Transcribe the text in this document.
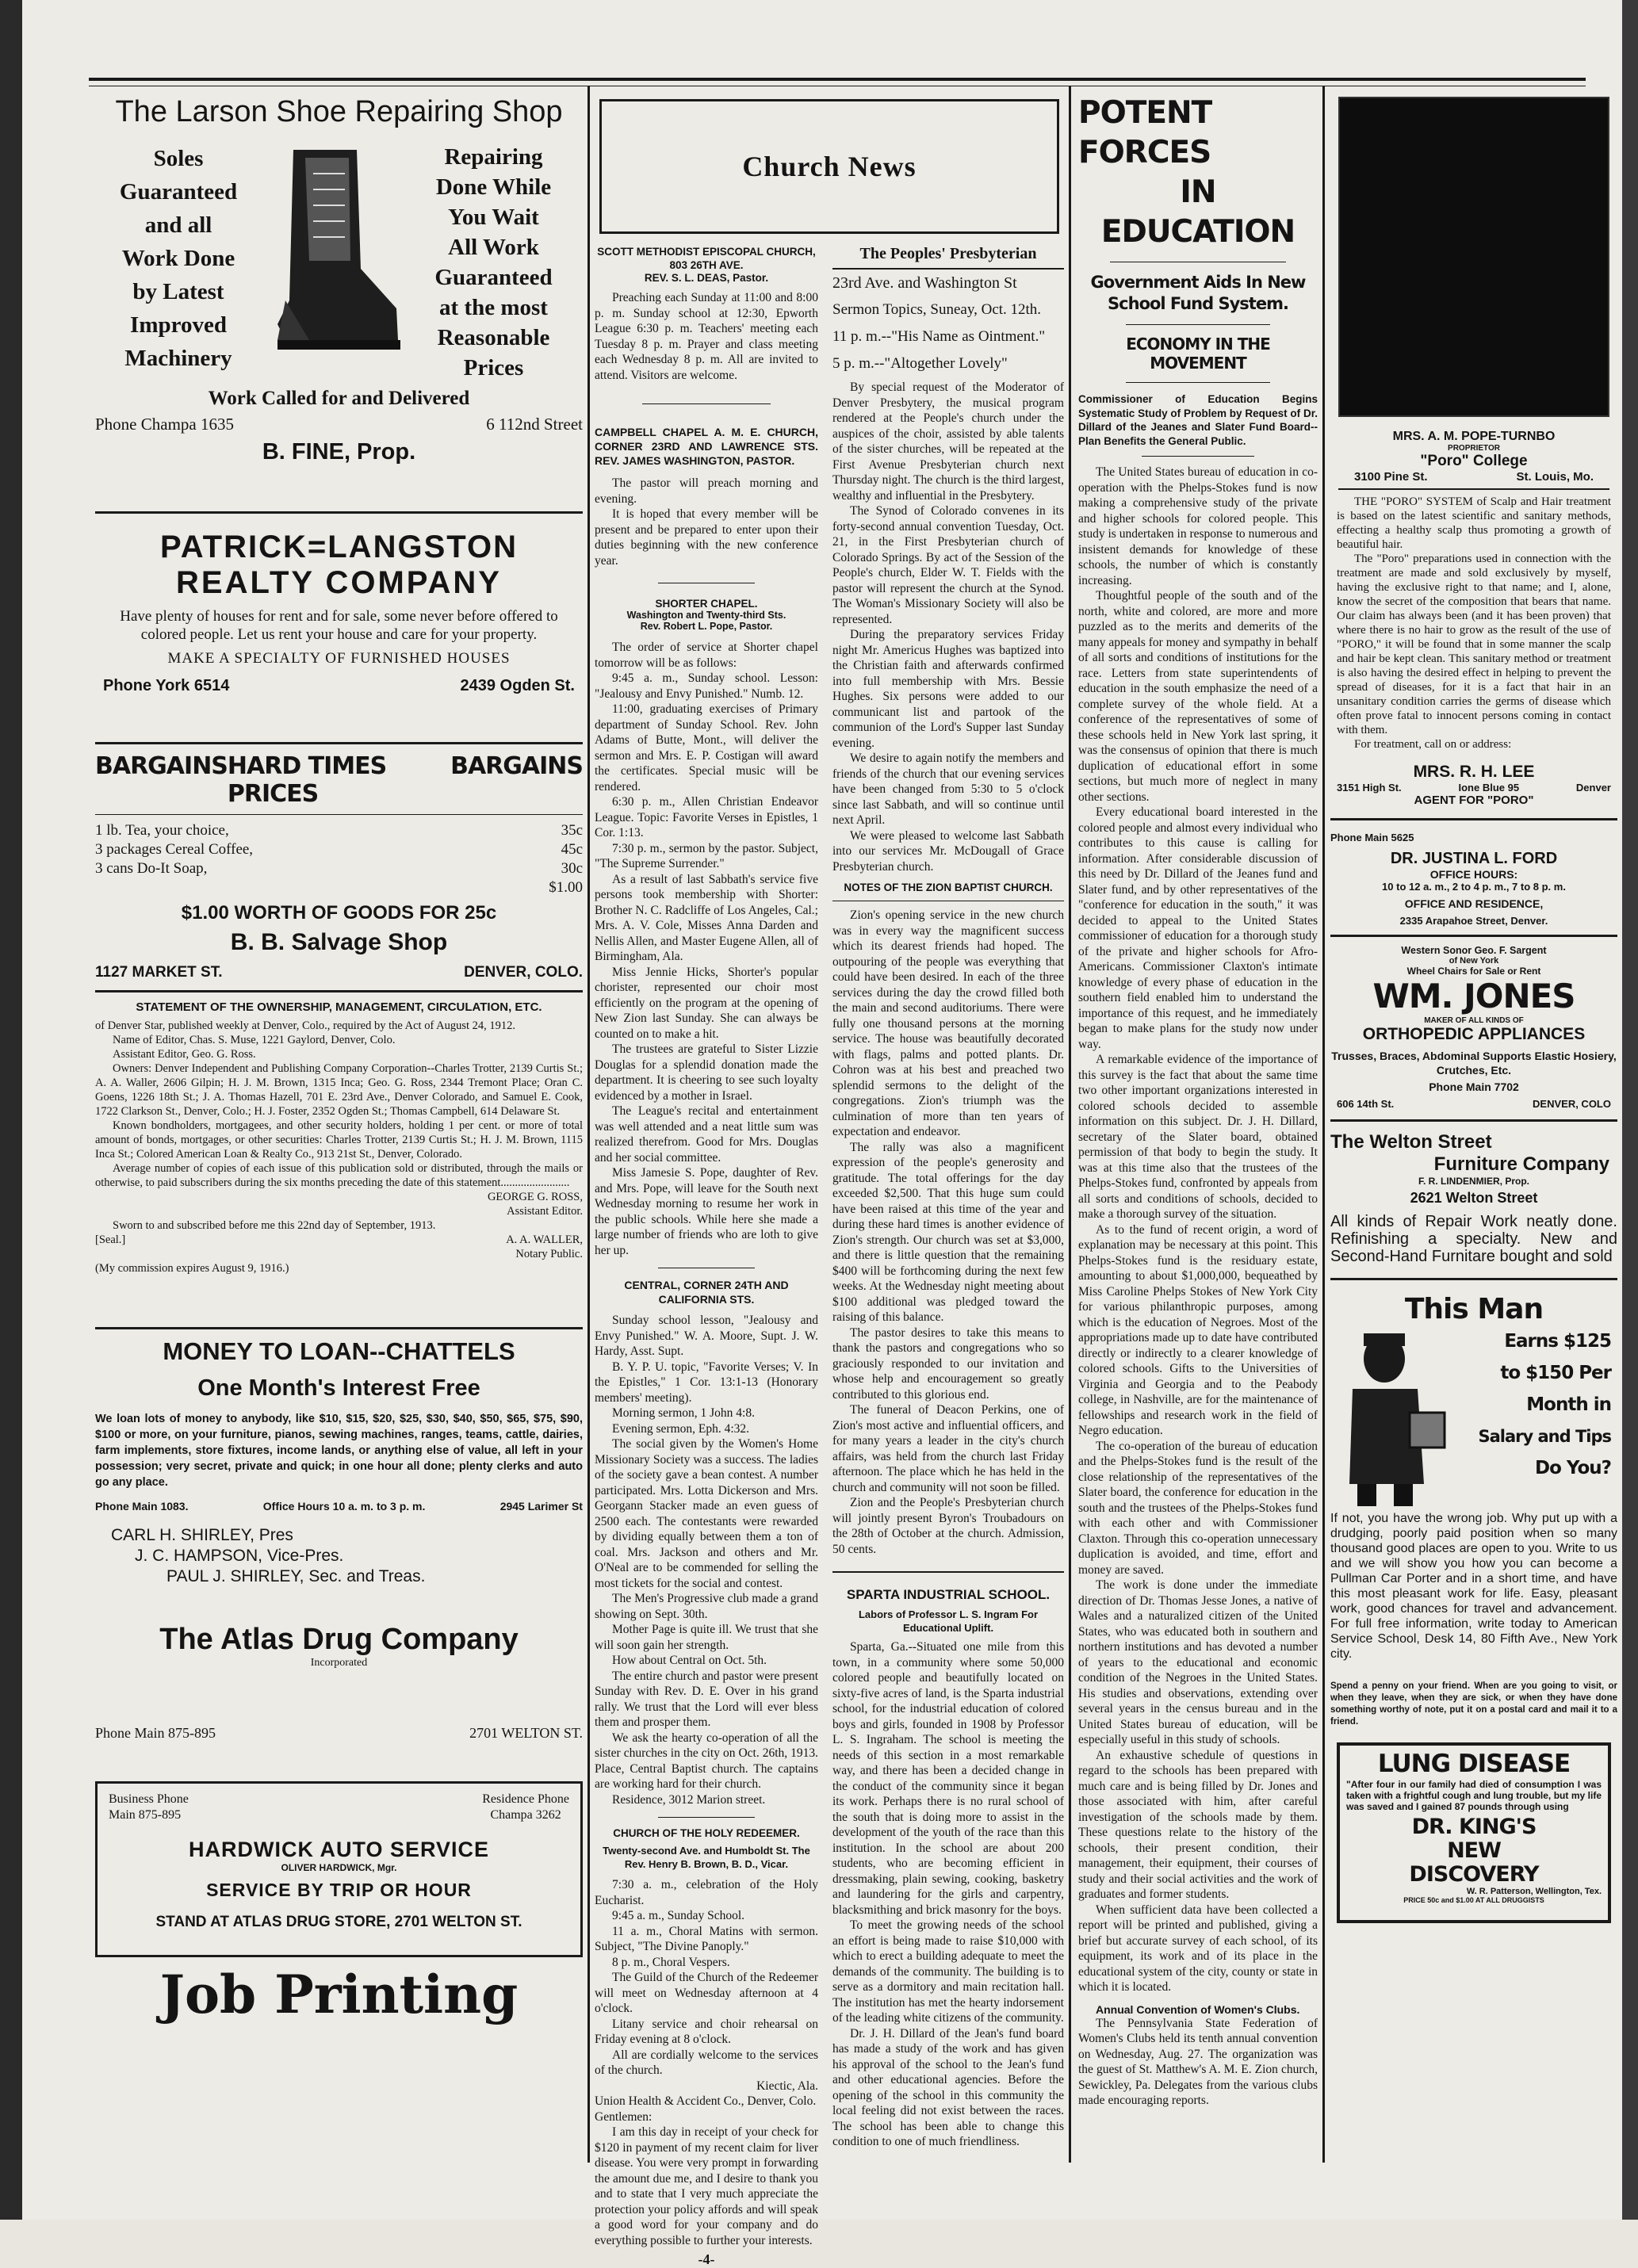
The Larson Shoe Repairing Shop
Soles
Guaranteed
and all
Work Done
by Latest
Improved
Machinery
Repairing
Done While
You Wait
All Work
Guaranteed
at the most
Reasonable
Prices
Work Called for and Delivered
Phone Champa 1635	6 112nd Street
B. FINE, Prop.
PATRICK=LANGSTON
REALTY COMPANY
Have plenty of houses for rent and for sale, some never before offered to colored people. Let us rent your house and care for your property.
MAKE A SPECIALTY OF FURNISHED HOUSES
Phone York 6514	2439 Ogden St.
BARGAINS HARD TIMES PRICES
BARGAINS
1 lb. Tea, your choice,	35c
3 packages Cereal Coffee,	45c
3 cans Do-It Soap,	30c
$1.00
$1.00 WORTH OF GOODS FOR 25c
B. B. Salvage Shop
1127 MARKET ST.	DENVER, COLO.
STATEMENT OF THE OWNERSHIP, MANAGEMENT, CIRCULATION, ETC.

of Denver Star, published weekly at Denver, Colo., required by the Act of August 24, 1912.

Name of Editor, Chas. S. Muse, 1221 Gaylord, Denver, Colo.

Assistant Editor, Geo. G. Ross.

Owners: Denver Independent and Publishing Company Corporation--Charles Trotter, 2139 Curtis St.; A. A. Waller, 2606 Gilpin; H. J. M. Brown, 1315 Inca; Geo. G. Ross, 2344 Tremont Place; Oran C. Goens, 1226 18th St.; J. A. Thomas Hazell, 701 E. 23rd Ave., Denver Colorado, and Samuel E. Cook, 1722 Clarkson St., Denver, Colo.; H. J. Foster, 2352 Ogden St.; Thomas Campbell, 614 Delaware St.

Known bondholders, mortgagees, and other security holders, holding 1 per cent. or more of total amount of bonds, mortgages, or other securities: Charles Trotter, 2139 Curtis St.; H. J. M. Brown, 1115 Inca St.; Colored American Loan & Realty Co., 913 21st St., Denver, Colorado.

Average number of copies of each issue of this publication sold or distributed, through the mails or otherwise, to paid subscribers during the six months preceding the date of this statement........................

GEORGE G. ROSS,
Assistant Editor.

Sworn to and subscribed before me this 22nd day of September, 1913.

[Seal.]	A. A. WALLER,
Notary Public.
(My commission expires August 9, 1916.)
MONEY TO LOAN--CHATTELS
One Month's Interest Free
We loan lots of money to anybody, like $10, $15, $20, $25, $30, $40, $50, $65, $75, $90, $100 or more, on your furniture, pianos, sewing machines, ranges, teams, cattle, dairies, farm implements, store fixtures, income lands, or anything else of value, all left in your possession; very secret, private and quick; in one hour all done; plenty clerks and auto go any place.
Phone Main 1083.	Office Hours 10 a. m. to 3 p. m.	2945 Larimer St
CARL H. SHIRLEY, Pres
J. C. HAMPSON, Vice-Pres.
PAUL J. SHIRLEY, Sec. and Treas.
The Atlas Drug Company
Incorporated
Phone Main 875-895	2701 WELTON ST.
Business Phone
Main 875-895
Residence Phone
Champa 3262
HARDWICK AUTO SERVICE
OLIVER HARDWICK, Mgr.
SERVICE BY TRIP OR HOUR
STAND AT ATLAS DRUG STORE, 2701 WELTON ST.
Job Printing
Church News
SCOTT METHODIST EPISCOPAL CHURCH, 803 26TH AVE.
REV. S. L. DEAS, Pastor.

Preaching each Sunday at 11:00 and 8:00 p. m. Sunday school at 12:30, Epworth League 6:30 p. m. Teachers' meeting each Tuesday 8 p. m. Prayer and class meeting each Wednesday 8 p. m. All are invited to attend. Visitors are welcome.

CAMPBELL CHAPEL A. M. E. CHURCH, CORNER 23RD AND LAWRENCE STS. REV. JAMES WASHINGTON, PASTOR.

The pastor will preach morning and evening.

It is hoped that every member will be present and be prepared to enter upon their duties beginning with the new conference year.

SHORTER CHAPEL.
Washington and Twenty-third Sts.
Rev. Robert L. Pope, Pastor.

The order of service at Shorter chapel tomorrow will be as follows:

9:45 a. m., Sunday school. Lesson: "Jealousy and Envy Punished." Numb. 12.

11:00, graduating exercises of Primary department of Sunday School. Rev. John Adams of Butte, Mont., will deliver the sermon and Mrs. E. P. Costigan will award the certificates. Special music will be rendered.

6:30 p. m., Allen Christian Endeavor League. Topic: Favorite Verses in Epistles, 1 Cor. 1:13.

7:30 p. m., sermon by the pastor. Subject, "The Supreme Surrender."

As a result of last Sabbath's service five persons took membership with Shorter: Brother N. C. Radcliffe of Los Angeles, Cal.; Mrs. A. V. Cole, Misses Anna Darden and Nellis Allen, and Master Eugene Allen, all of Birmingham, Ala.

Miss Jennie Hicks, Shorter's popular chorister, represented our choir most efficiently on the program at the opening of New Zion last Sunday. She can always be counted on to make a hit.

The trustees are grateful to Sister Lizzie Douglas for a splendid donation made the department. It is cheering to see such loyalty evidenced by a mother in Israel.

The League's recital and entertainment was well attended and a neat little sum was realized therefrom. Good for Mrs. Douglas and her social committee.

Miss Jamesie S. Pope, daughter of Rev. and Mrs. Pope, will leave for the South next Wednesday morning to resume her work in the public schools. While here she made a large number of friends who are loth to give her up.

CENTRAL, CORNER 24TH AND CALIFORNIA STS.

Sunday school lesson, "Jealousy and Envy Punished." W. A. Moore, Supt. J. W. Hardy, Asst. Supt.

B. Y. P. U. topic, "Favorite Verses; V. In the Epistles," 1 Cor. 13:1-13 (Honorary members' meeting).

Morning sermon, 1 John 4:8.

Evening sermon, Eph. 4:32.

The social given by the Women's Home Missionary Society was a success. The ladies of the society gave a bean contest. A number participated. Mrs. Lotta Dickerson and Mrs. Georgann Stacker made an even guess of 2500 each. The contestants were rewarded by dividing equally between them a ton of coal. Mrs. Jackson and others and Mr. O'Neal are to be commended for selling the most tickets for the social and contest.

The Men's Progressive club made a grand showing on Sept. 30th.

Mother Page is quite ill. We trust that she will soon gain her strength.

How about Central on Oct. 5th.

The entire church and pastor were present Sunday with Rev. D. E. Over in his grand rally. We trust that the Lord will ever bless them and prosper them.

We ask the hearty co-operation of all the sister churches in the city on Oct. 26th, 1913. Place, Central Baptist church. The captains are working hard for their church.

Residence, 3012 Marion street.

CHURCH OF THE HOLY REDEEMER.
Twenty-second Ave. and Humboldt St. The Rev. Henry B. Brown, B. D., Vicar.

7:30 a. m., celebration of the Holy Eucharist.

9:45 a. m., Sunday School.

11 a. m., Choral Matins with sermon. Subject, "The Divine Panoply."

8 p. m., Choral Vespers.

The Guild of the Church of the Redeemer will meet on Wednesday afternoon at 4 o'clock.

Litany service and choir rehearsal on Friday evening at 8 o'clock.

All are cordially welcome to the services of the church.

Kiectic, Ala.
Union Health & Accident Co., Denver, Colo.
Gentlemen:

I am this day in receipt of your check for $120 in payment of my recent claim for liver disease. You were very prompt in forwarding the amount due me, and I desire to thank you and to state that I very much appreciate the protection your policy affords and will speak a good word for your company and do everything possible to further your interests.

-4-
The Peoples' Presbyterian
23rd Ave. and Washington St
Sermon Topics, Suneay, Oct. 12th.
11 p. m.--"His Name as Ointment."
5 p. m.--"Altogether Lovely"

By special request of the Moderator of Denver Presbytery, the musical program rendered at the People's church under the auspices of the choir, assisted by able talents of the sister churches, will be repeated at the First Avenue Presbyterian church next Thursday night. The church is the third largest, wealthy and influential in the Presbytery.

The Synod of Colorado convenes in its forty-second annual convention Tuesday, Oct. 21, in the First Presbyterian church of Colorado Springs. By act of the Session of the People's church, Elder W. T. Fields with the pastor will represent the church at the Synod. The Woman's Missionary Society will also be represented.

During the preparatory services Friday night Mr. Americus Hughes was baptized into the Christian faith and afterwards confirmed into full membership with Mrs. Bessie Hughes. Six persons were added to our communicant list and partook of the communion of the Lord's Supper last Sunday evening.

We desire to again notify the members and friends of the church that our evening services have been changed from 5:30 to 5 o'clock since last Sabbath, and will so continue until next April.

We were pleased to welcome last Sabbath into our services Mr. McDougall of Grace Presbyterian church.

NOTES OF THE ZION BAPTIST CHURCH.

Zion's opening service in the new church was in every way the magnificent success which its dearest friends had hoped. The outpouring of the people was everything that could have been desired. In each of the three services during the day the crowd filled both the main and second auditoriums. There were fully one thousand persons at the morning service. The house was beautifully decorated with flags, palms and potted plants. Dr. Cohron was at his best and preached two splendid sermons to the delight of the congregations. Zion's triumph was the culmination of more than ten years of expectation and endeavor.

The rally was also a magnificent expression of the people's generosity and gratitude. The total offerings for the day exceeded $2,500. That this huge sum could have been raised at this time of the year and during these hard times is another evidence of Zion's strength. Our church was set at $3,000, and there is little question that the remaining $400 will be forthcoming during the next few weeks. At the Wednesday night meeting about $100 additional was pledged toward the raising of this balance.

The pastor desires to take this means to thank the pastors and congregations who so graciously responded to our invitation and whose help and encouragement so greatly contributed to this glorious end.

The funeral of Deacon Perkins, one of Zion's most active and influential officers, and for many years a leader in the city's church affairs, was held from the church last Friday afternoon. The place which he has held in the church and community will not soon be filled.

Zion and the People's Presbyterian church will jointly present Byron's Troubadours on the 28th of October at the church. Admission, 50 cents.

SPARTA INDUSTRIAL SCHOOL.
Labors of Professor L. S. Ingram For Educational Uplift.

Sparta, Ga.--Situated one mile from this town, in a community where some 50,000 colored people and beautifully located on sixty-five acres of land, is the Sparta industrial school, for the industrial education of colored boys and girls, founded in 1908 by Professor L. S. Ingraham. The school is meeting the needs of this section in a most remarkable way, and there has been a decided change in the conduct of the community since it began its work. Perhaps there is no rural school of the south that is doing more to assist in the development of the youth of the race than this institution. In the school are about 200 students, who are becoming efficient in dressmaking, plain sewing, cooking, basketry and laundering for the girls and carpentry, blacksmithing and brick masonry for the boys.

To meet the growing needs of the school an effort is being made to raise $10,000 with which to erect a building adequate to meet the demands of the community. The building is to serve as a dormitory and main recitation hall. The institution has met the hearty indorsement of the leading white citizens of the community.

Dr. J. H. Dillard of the Jean's fund board has made a study of the work and has given his approval of the school to the Jean's fund and other educational agencies. Before the opening of the school in this community the local feeling did not exist between the races. The school has been able to change this condition to one of much friendliness.

POTENT FORCES
IN EDUCATION
Government Aids In New School Fund System.
ECONOMY IN THE MOVEMENT
Commissioner of Education Begins Systematic Study of Problem by Request of Dr. Dillard of the Jeanes and Slater Fund Board--Plan Benefits the General Public.

The United States bureau of education in co-operation with the Phelps-Stokes fund is now making a comprehensive study of the private and higher schools for colored people. This study is undertaken in response to numerous and insistent demands for knowledge of these schools, the number of which is constantly increasing.

Thoughtful people of the south and of the north, white and colored, are more and more puzzled as to the merits and demerits of the many appeals for money and sympathy in behalf of all sorts and conditions of institutions for the race. Letters from state superintendents of education in the south emphasize the need of a complete survey of the whole field. At a conference of the representatives of some of these schools held in New York last spring, it was the consensus of opinion that there is much duplication of educational effort in some sections, but much more of neglect in many other sections.

Every educational board interested in the colored people and almost every individual who contributes to this cause is calling for information. After considerable discussion of this need by Dr. Dillard of the Jeanes fund and Slater fund, and by other representatives of the "conference for education in the south," it was decided to appeal to the United States commissioner of education for a thorough study of the private and higher schools for Afro-Americans. Commissioner Claxton's intimate knowledge of every phase of education in the southern field enabled him to understand the importance of this request, and he immediately began to make plans for the study now under way.

A remarkable evidence of the importance of this survey is the fact that about the same time two other important organizations interested in colored schools decided to assemble information on this subject. Dr. J. H. Dillard, secretary of the Slater board, obtained permission of that body to begin the study. It was at this time also that the trustees of the Phelps-Stokes fund, confronted by appeals from all sorts and conditions of schools, decided to make a thorough survey of the situation.

As to the fund of recent origin, a word of explanation may be necessary at this point. This Phelps-Stokes fund is the residuary estate, amounting to about $1,000,000, bequeathed by Miss Caroline Phelps Stokes of New York City for various philanthropic purposes, among which is the education of Negroes. Most of the appropriations made up to date have contributed directly or indirectly to a clearer knowledge of colored schools. Gifts to the Universities of Virginia and Georgia and to the Peabody college, in Nashville, are for the maintenance of fellowships and research work in the field of Negro education.

The co-operation of the bureau of education and the Phelps-Stokes fund is the result of the close relationship of the representatives of the Slater board, the conference for education in the south and the trustees of the Phelps-Stokes fund with each other and with Commissioner Claxton. Through this co-operation unnecessary duplication is avoided, and time, effort and money are saved.

The work is done under the immediate direction of Dr. Thomas Jesse Jones, a native of Wales and a naturalized citizen of the United States, who was educated both in southern and northern institutions and has devoted a number of years to the educational and economic condition of the Negroes in the United States. His studies and observations, extending over several years in the census bureau and in the United States bureau of education, will be especially useful in this study of schools.

An exhaustive schedule of questions in regard to the schools has been prepared with much care and is being filled by Dr. Jones and those associated with him, after careful investigation of the schools made by them. These questions relate to the history of the schools, their present condition, their management, their equipment, their courses of study and their social activities and the work of graduates and former students.

When sufficient data have been collected a report will be printed and published, giving a brief but accurate survey of each school, of its equipment, its work and of its place in the educational system of the city, county or state in which it is located.

Annual Convention of Women's Clubs.

The Pennsylvania State Federation of Women's Clubs held its tenth annual convention on Wednesday, Aug. 27. The organization was the guest of St. Matthew's A. M. E. Zion church, Sewickley, Pa. Delegates from the various clubs made encouraging reports.

MRS. A. M. POPE-TURNBO
PROPRIETOR
"Poro" College
3100 Pine St.	St. Louis, Mo.

THE "PORO" SYSTEM of Scalp and Hair treatment is based on the latest scientific and sanitary methods, effecting a healthy scalp thus promoting a growth of beautiful hair.

The "Poro" preparations used in connection with the treatment are made and sold exclusively by myself, having the exclusive right to that name; and I, alone, know the secret of the composition that bears that name. Our claim has always been (and it has been proven) that where there is no hair to grow as the result of the use of "PORO," it will be found that in some manner the scalp and hair be kept clean. This sanitary method or treatment is also having the desired effect in helping to prevent the spread of diseases, for it is a fact that hair in an unsanitary condition carries the germs of disease which often prove fatal to innocent persons coming in contact with them.

For treatment, call on or address:

MRS. R. H. LEE
3151 High St.	Ione Blue 95	Denver
AGENT FOR "PORO"
Phone Main 5625
DR. JUSTINA L. FORD
OFFICE HOURS:
10 to 12 a. m., 2 to 4 p. m., 7 to 8 p. m.
OFFICE AND RESIDENCE,
2335 Arapahoe Street, Denver.
Western Sonor Geo. F. Sargent
of New York
Wheel Chairs for Sale or Rent
WM. JONES
MAKER OF ALL KINDS OF
ORTHOPEDIC APPLIANCES
Trusses, Braces, Abdominal Supports Elastic Hosiery, Crutches, Etc.
Phone Main 7702
606 14th St.	DENVER, COLO
The Welton Street
Furniture Company
F. R. LINDENMIER, Prop.
2621 Welton Street
All kinds of Repair Work neatly done. Refinishing a specialty. New and Second-Hand Furnitare bought and sold
This Man
Earns $125
to $150 Per
Month in
Salary and Tips
Do You?
If not, you have the wrong job. Why put up with a drudging, poorly paid position when so many thousand good places are open to you. Write to us and we will show you how you can become a Pullman Car Porter and in a short time, and have this most pleasant work for life. Easy, pleasant work, good chances for travel and advancement. For full free information, write today to American Service School, Desk 14, 80 Fifth Ave., New York city.
Spend a penny on your friend. When are you going to visit, or when they leave, when they are sick, or when they have done something worthy of note, put it on a postal card and mail it to a friend.
LUNG DISEASE
"After four in our family had died of consumption I was taken with a frightful cough and lung trouble, but my life was saved and I gained 87 pounds through using
DR. KING'S
NEW
DISCOVERY
W. R. Patterson, Wellington, Tex.
PRICE 50c and $1.00 AT ALL DRUGGISTS
